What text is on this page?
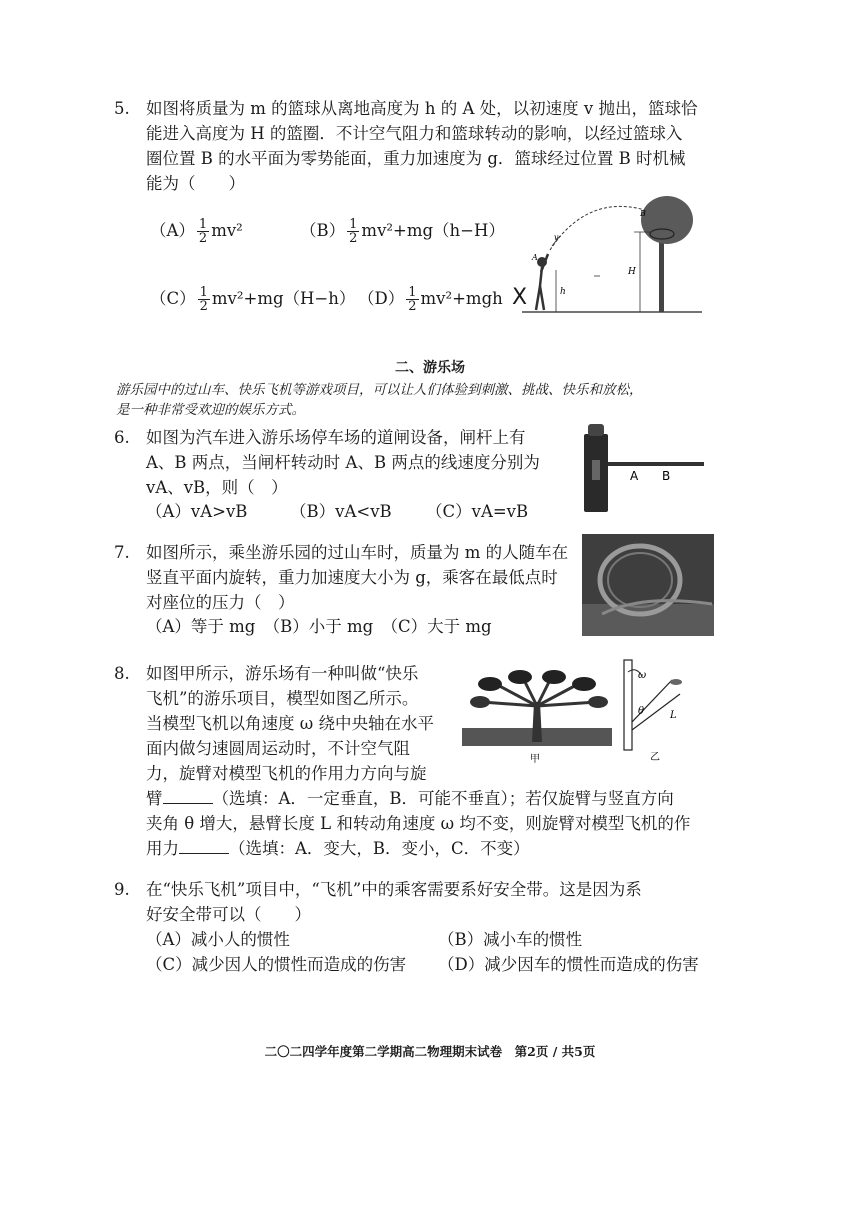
5. 如图将质量为 m 的篮球从离地高度为 h 的 A 处，以初速度 v 抛出，篮球恰
能进入高度为 H 的篮圈．不计空气阻力和篮球转动的影响，以经过篮球入
圈位置 B 的水平面为零势能面，重力加速度为 g．篮球经过位置 B 时机械
能为（　　）
$(A) \frac{1}{2} mv^2$	$(B) \frac{1}{2} mv^2+mg(h-H)$
$(C) \frac{1}{2} mv^2+mg(H-h)$ $(D) \frac{1}{2} mv^2+mgh$ X
A
B
v
H
h
二、游乐场
游乐园中的过山车、快乐飞机等游戏项目，可以让人们体验到刺激、挑战、快乐和放松，
是一种非常受欢迎的娱乐方式。
6. 如图为汽车进入游乐场停车场的道闸设备，闸杆上有
A、B 两点，当闸杆转动时 A、B 两点的线速度分别为
vA、vB，则（　）
（A）vA>vB	（B）vA<vB （C）vA=vB
A B
7. 如图所示，乘坐游乐园的过山车时，质量为 m 的人随车在
竖直平面内旋转，重力加速度大小为 g，乘客在最低点时
对座位的压力（　）
（A）等于 mg　（B）小于 mg　（C）大于 mg
8. 如图甲所示，游乐场有一种叫做“快乐
飞机”的游乐项目，模型如图乙所示。
当模型飞机以角速度 ω 绕中央轴在水平
面内做匀速圆周运动时，不计空气阻
力，旋臂对模型飞机的作用力方向与旋
臂	（选填：A．一定垂直，B．可能不垂直）；若仅旋臂与竖直方向
夹角 θ 增大，悬臂长度 L 和转动角速度 ω 均不变，则旋臂对模型飞机的作
用力	（选填：A．变大，B．变小，C．不变）
甲
ω
θ	L
乙
9. 在“快乐飞机”项目中，“飞机”中的乘客需要系好安全带。这是因为系
好安全带可以（　　）
（A）减小人的惯性	（B）减小车的惯性
（C）减少因人的惯性而造成的伤害 （D）减少因车的惯性而造成的伤害
二〇二四学年度第二学期高二物理期末试卷　第2页 / 共5页
